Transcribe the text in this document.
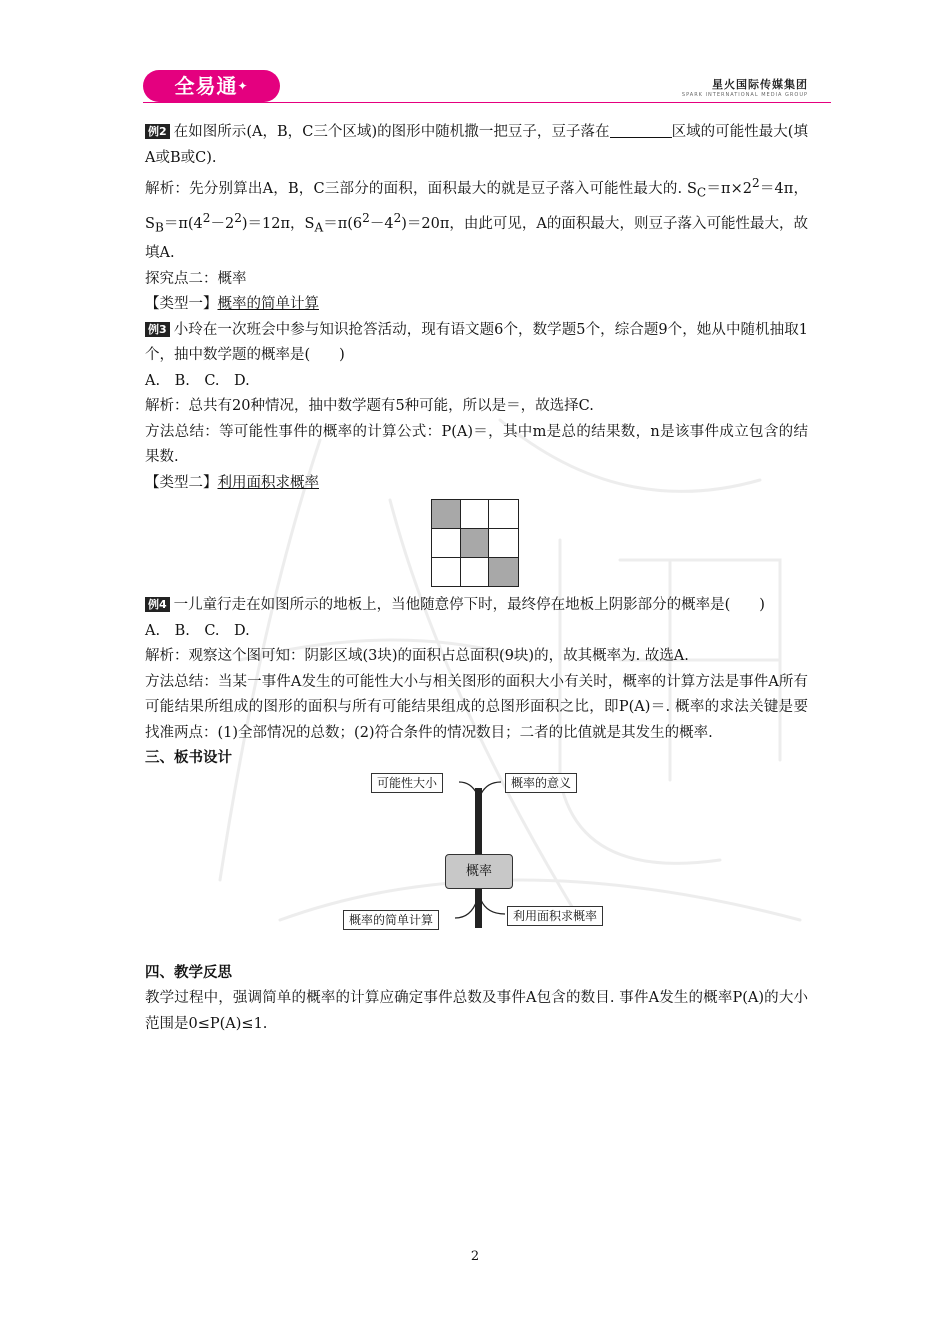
全易通✦	星火国际传媒集团
SPARK INTERNATIONAL MEDIA GROUP

例2 在如图所示(A，B，C三个区域)的图形中随机撒一把豆子，豆子落在	区域的可能性最大(填A或B或C).

解析：先分别算出A，B，C三部分的面积，面积最大的就是豆子落入可能性最大的. $S_C=\pi\times 2^2=4\pi$，$S_B=\pi(4^2-2^2)=12\pi$，$S_A=\pi(6^2-4^2)=20\pi$，由此可见，A的面积最大，则豆子落入可能性最大，故填A.

探究点二：概率

【类型一】概率的简单计算

例3 小玲在一次班会中参与知识抢答活动，现有语文题6个，数学题5个，综合题9个，她从中随机抽取1个，抽中数学题的概率是(　　)

A.　B.　C.　D.

解析：总共有20种情况，抽中数学题有5种可能，所以是＝，故选择C.

方法总结：等可能性事件的概率的计算公式：P(A)＝，其中m是总的结果数，n是该事件成立包含的结果数.

【类型二】利用面积求概率

例4 一儿童行走在如图所示的地板上，当他随意停下时，最终停在地板上阴影部分的概率是(　　)

A.　B.　C.　D.

解析：观察这个图可知：阴影区域(3块)的面积占总面积(9块)的，故其概率为. 故选A.

方法总结：当某一事件A发生的可能性大小与相关图形的面积大小有关时，概率的计算方法是事件A所有可能结果所组成的图形的面积与所有可能结果组成的总图形面积之比，即P(A)＝. 概率的求法关键是要找准两点：(1)全部情况的总数；(2)符合条件的情况数目；二者的比值就是其发生的概率.

三、板书设计

可能性大小	概率的意义
概率
概率的简单计算	利用面积求概率

四、教学反思

教学过程中，强调简单的概率的计算应确定事件总数及事件A包含的数目. 事件A发生的概率P(A)的大小范围是0≤P(A)≤1.

2
